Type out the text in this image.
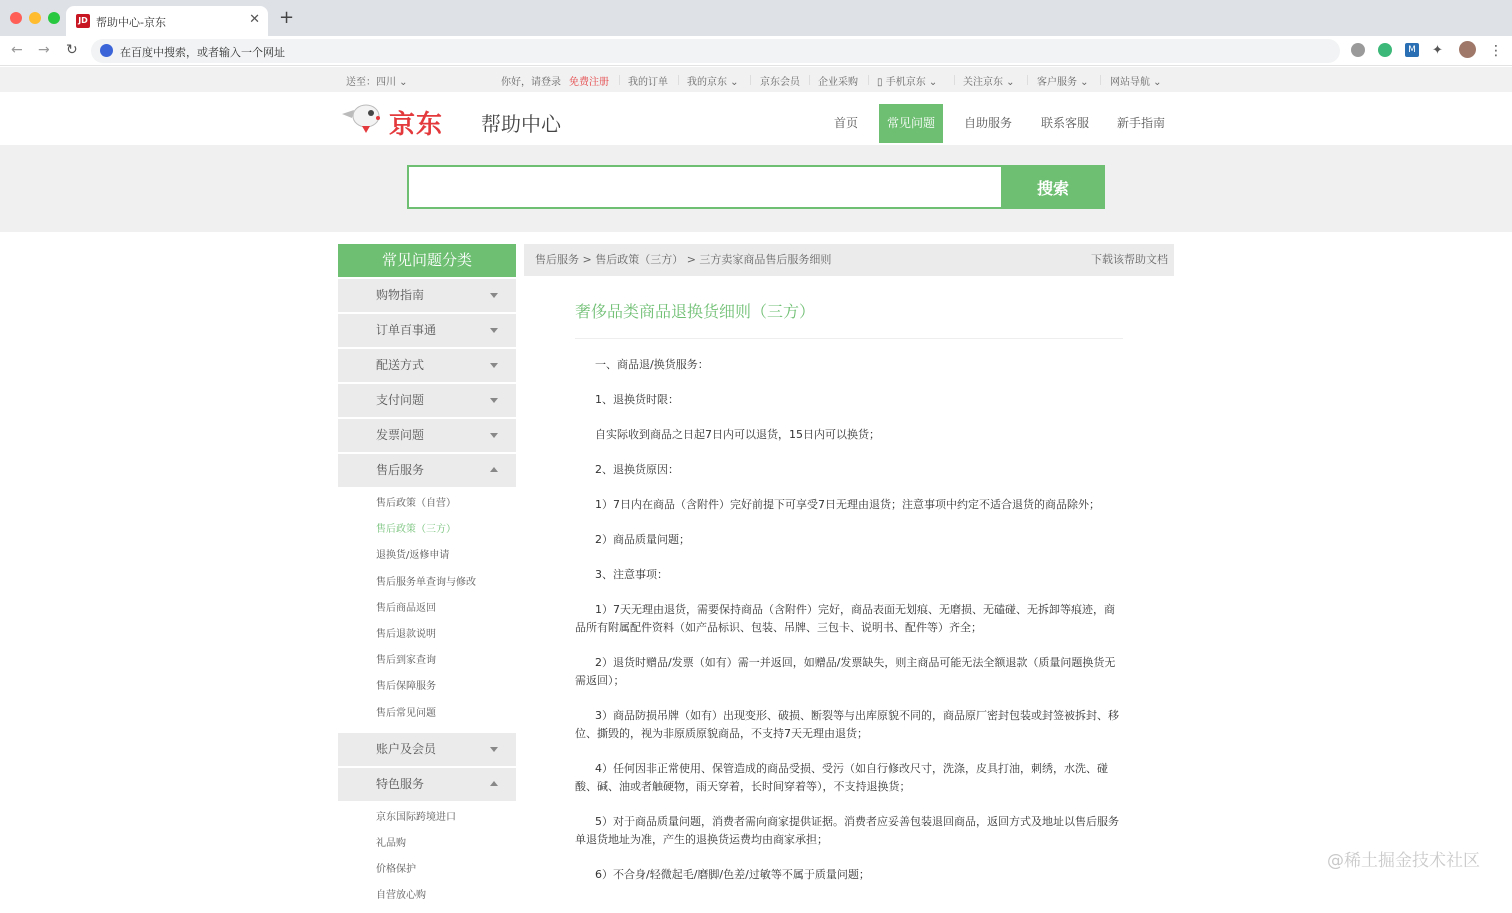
JD 帮助中心-京东	✕ +
← → ↻	在百度中搜索，或者输入一个网址	M ✦	⋮
送至：四川 ⌄	你好，请登录 免费注册 我的订单 我的京东 ⌄ 京东会员 企业采购 ▯ 手机京东 ⌄	关注京东 ⌄ 客户服务 ⌄ 网站导航 ⌄
京东 帮助中心	首页	常见问题	自助服务	联系客服	新手指南
搜索
常见问题分类
购物指南
订单百事通
配送方式
支付问题
发票问题
售后服务
售后政策（自营）
售后政策（三方）
退换货/返修申请
售后服务单查询与修改
售后商品返回
售后退款说明
售后到家查询
售后保障服务
售后常见问题
账户及会员
特色服务
京东国际跨境进口
礼品购
价格保护
自营放心购
售后服务 > 售后政策（三方） > 三方卖家商品售后服务细则	下载该帮助文档
奢侈品类商品退换货细则（三方）

一、商品退/换货服务：

1、退换货时限：

自实际收到商品之日起7日内可以退货，15日内可以换货；

2、退换货原因：

1）7日内在商品（含附件）完好前提下可享受7日无理由退货；注意事项中约定不适合退货的商品除外；

2）商品质量问题；

3、注意事项：

1）7天无理由退货，需要保持商品（含附件）完好，商品表面无划痕、无磨损、无磕碰、无拆卸等痕迹，商品所有附属配件资料（如产品标识、包装、吊牌、三包卡、说明书、配件等）齐全；

2）退货时赠品/发票（如有）需一并返回，如赠品/发票缺失，则主商品可能无法全额退款（质量问题换货无需返回）；

3）商品防损吊牌（如有）出现变形、破损、断裂等与出库原貌不同的，商品原厂密封包装或封签被拆封、移位、撕毁的，视为非原质原貌商品，不支持7天无理由退货；

4）任何因非正常使用、保管造成的商品受损、受污（如自行修改尺寸，洗涤，皮具打油，刺绣，水洗、碰酸、碱、油或者触硬物，雨天穿着，长时间穿着等），不支持退换货；

5）对于商品质量问题，消费者需向商家提供证据。消费者应妥善包装退回商品，返回方式及地址以售后服务单退货地址为准，产生的退换货运费均由商家承担；

6）不合身/轻微起毛/磨脚/色差/过敏等不属于质量问题；

@稀土掘金技术社区
